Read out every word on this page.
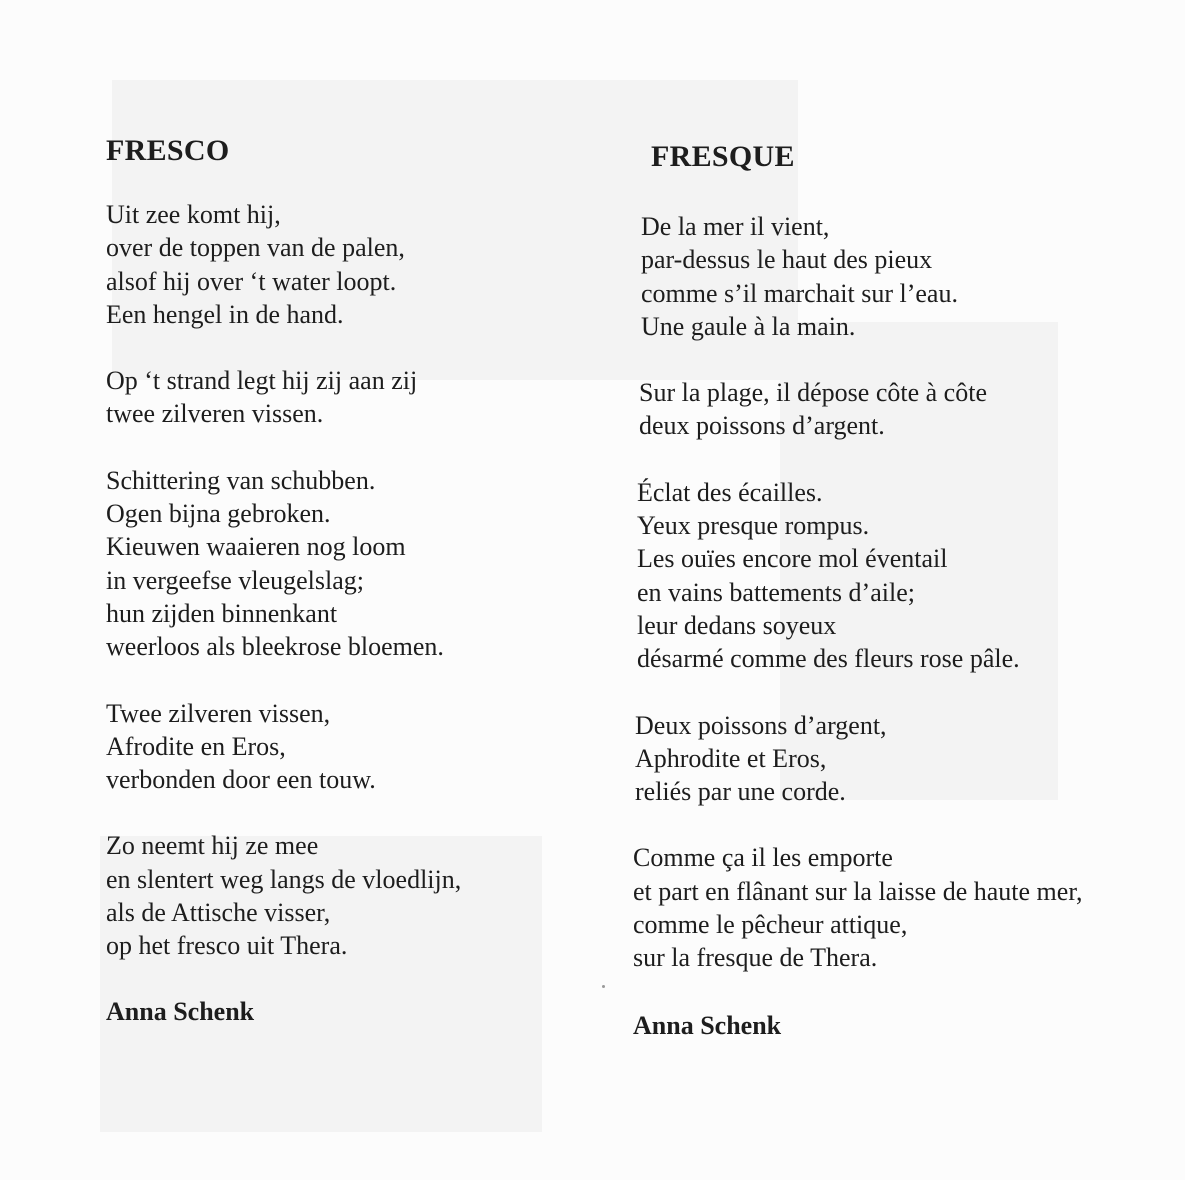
FRESCO

Uit zee komt hij,
over de toppen van de palen,
alsof hij over ‘t water loopt.
Een hengel in de hand.

Op ‘t strand legt hij zij aan zij
twee zilveren vissen.

Schittering van schubben.
Ogen bijna gebroken.
Kieuwen waaieren nog loom
in vergeefse vleugelslag;
hun zijden binnenkant
weerloos als bleekrose bloemen.

Twee zilveren vissen,
Afrodite en Eros,
verbonden door een touw.

Zo neemt hij ze mee
en slentert weg langs de vloedlijn,
als de Attische visser,
op het fresco uit Thera.

Anna Schenk

FRESQUE

De la mer il vient,
par-dessus le haut des pieux
comme s’il marchait sur l’eau.
Une gaule à la main.

Sur la plage, il dépose côte à côte
deux poissons d’argent.

Éclat des écailles.
Yeux presque rompus.
Les ouïes encore mol éventail
en vains battements d’aile;
leur dedans soyeux
désarmé comme des fleurs rose pâle.

Deux poissons d’argent,
Aphrodite et Eros,
reliés par une corde.

Comme ça il les emporte
et part en flânant sur la laisse de haute mer,
comme le pêcheur attique,
sur la fresque de Thera.

Anna Schenk
